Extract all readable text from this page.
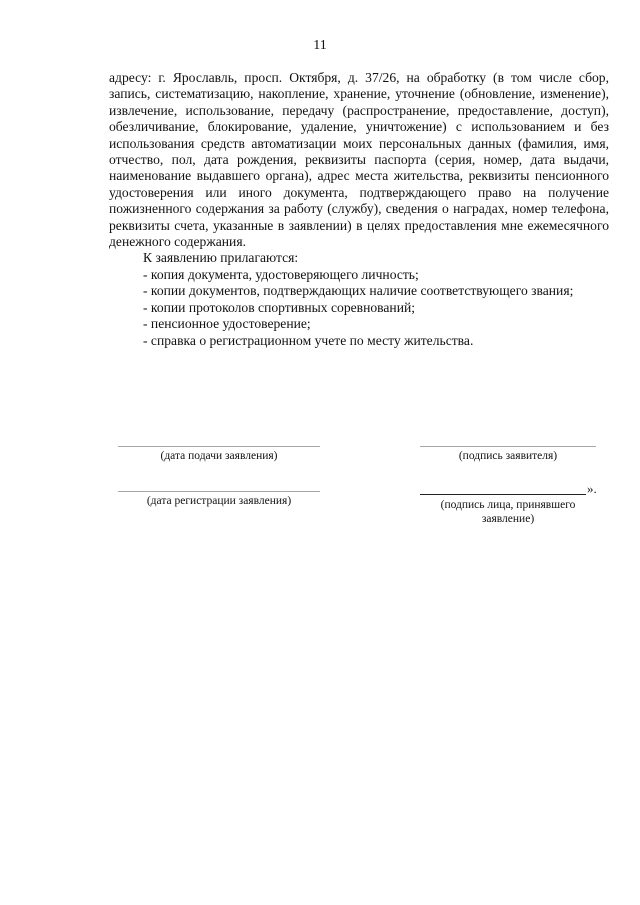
11

адресу: г. Ярославль, просп. Октября, д. 37/26, на обработку (в том числе сбор, запись, систематизацию, накопление, хранение, уточнение (обновление, изменение), извлечение, использование, передачу (распространение, предоставление, доступ), обезличивание, блокирование, удаление, уничтожение) с использованием и без использования средств автоматизации моих персональных данных (фамилия, имя, отчество, пол, дата рождения, реквизиты паспорта (серия, номер, дата выдачи, наименование выдавшего органа), адрес места жительства, реквизиты пенсионного удостоверения или иного документа, подтверждающего право на получение пожизненного содержания за работу (службу), сведения о наградах, номер телефона, реквизиты счета, указанные в заявлении) в целях предоставления мне ежемесячного денежного содержания.

К заявлению прилагаются:

- копия документа, удостоверяющего личность;

- копии документов, подтверждающих наличие соответствующего звания;

- копии протоколов спортивных соревнований;

- пенсионное удостоверение;

- справка о регистрационном учете по месту жительства.

(дата подачи заявления)	(подпись заявителя)
(дата регистрации заявления)
».
(подпись лица, принявшего заявление)
